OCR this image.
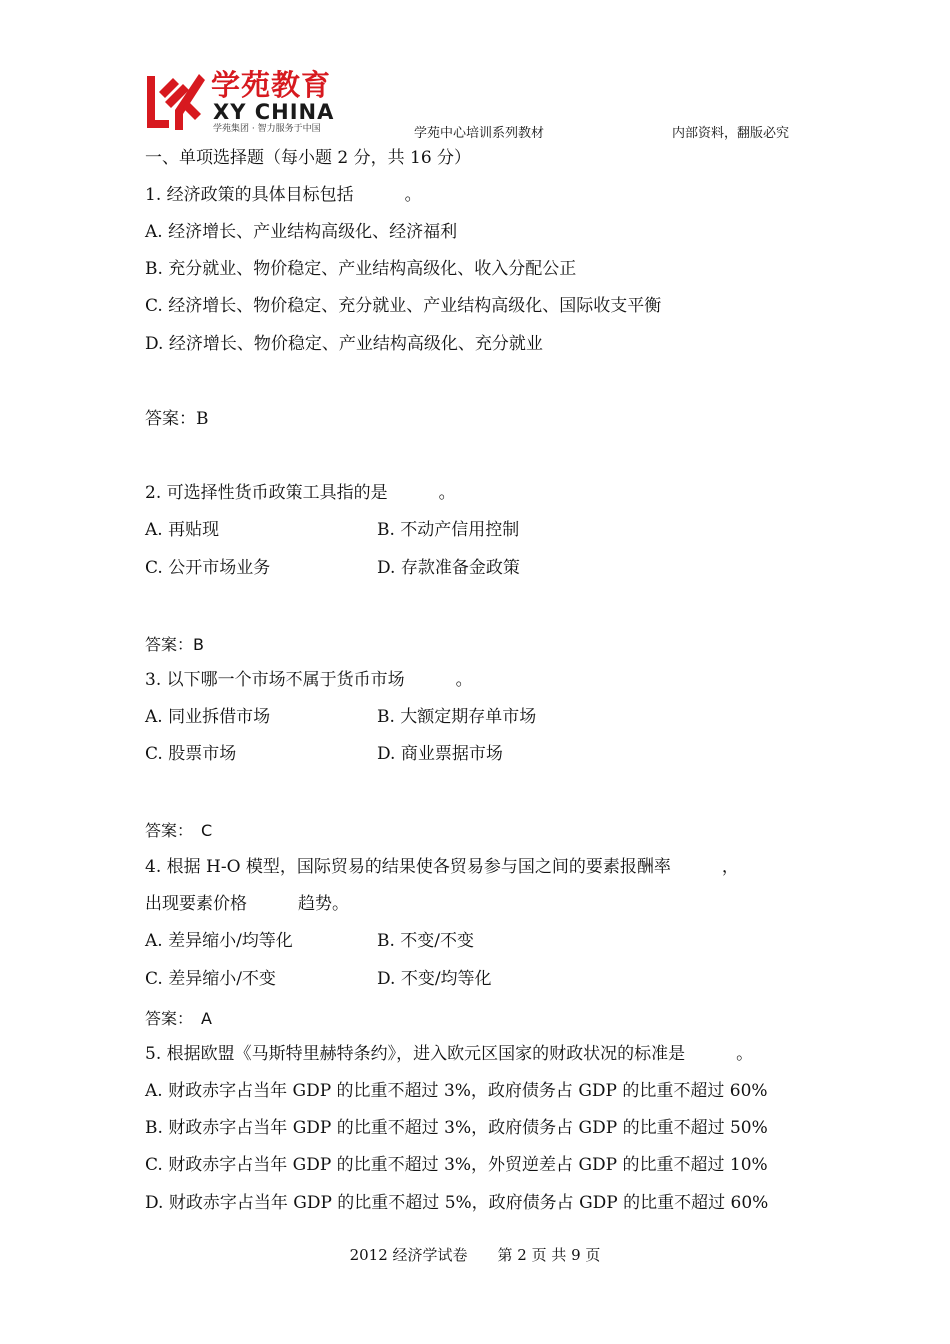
学苑教育
XY CHINA
学苑集团 · 智力服务于中国	学苑中心培训系列教材	内部资料，翻版必究
一、单项选择题（每小题 2 分，共 16 分）
1. 经济政策的具体目标包括　　　。
A. 经济增长、产业结构高级化、经济福利
B. 充分就业、物价稳定、产业结构高级化、收入分配公正
C. 经济增长、物价稳定、充分就业、产业结构高级化、国际收支平衡
D. 经济增长、物价稳定、产业结构高级化、充分就业
答案：B
2. 可选择性货币政策工具指的是　　　。
A. 再贴现	B. 不动产信用控制
C. 公开市场业务	D. 存款准备金政策
答案：B
3. 以下哪一个市场不属于货币市场　　　。
A. 同业拆借市场	B. 大额定期存单市场
C. 股票市场	D. 商业票据市场
答案：　C
4. 根据 H-O 模型，国际贸易的结果使各贸易参与国之间的要素报酬率　　　，
出现要素价格　　　趋势。
A. 差异缩小/均等化	B. 不变/不变
C. 差异缩小/不变	D. 不变/均等化
答案：　A
5. 根据欧盟《马斯特里赫特条约》，进入欧元区国家的财政状况的标准是　　　。
A. 财政赤字占当年 GDP 的比重不超过 3%，政府债务占 GDP 的比重不超过 60%
B. 财政赤字占当年 GDP 的比重不超过 3%，政府债务占 GDP 的比重不超过 50%
C. 财政赤字占当年 GDP 的比重不超过 3%，外贸逆差占 GDP 的比重不超过 10%
D. 财政赤字占当年 GDP 的比重不超过 5%，政府债务占 GDP 的比重不超过 60%
2012 经济学试卷　　第 2 页 共 9 页
